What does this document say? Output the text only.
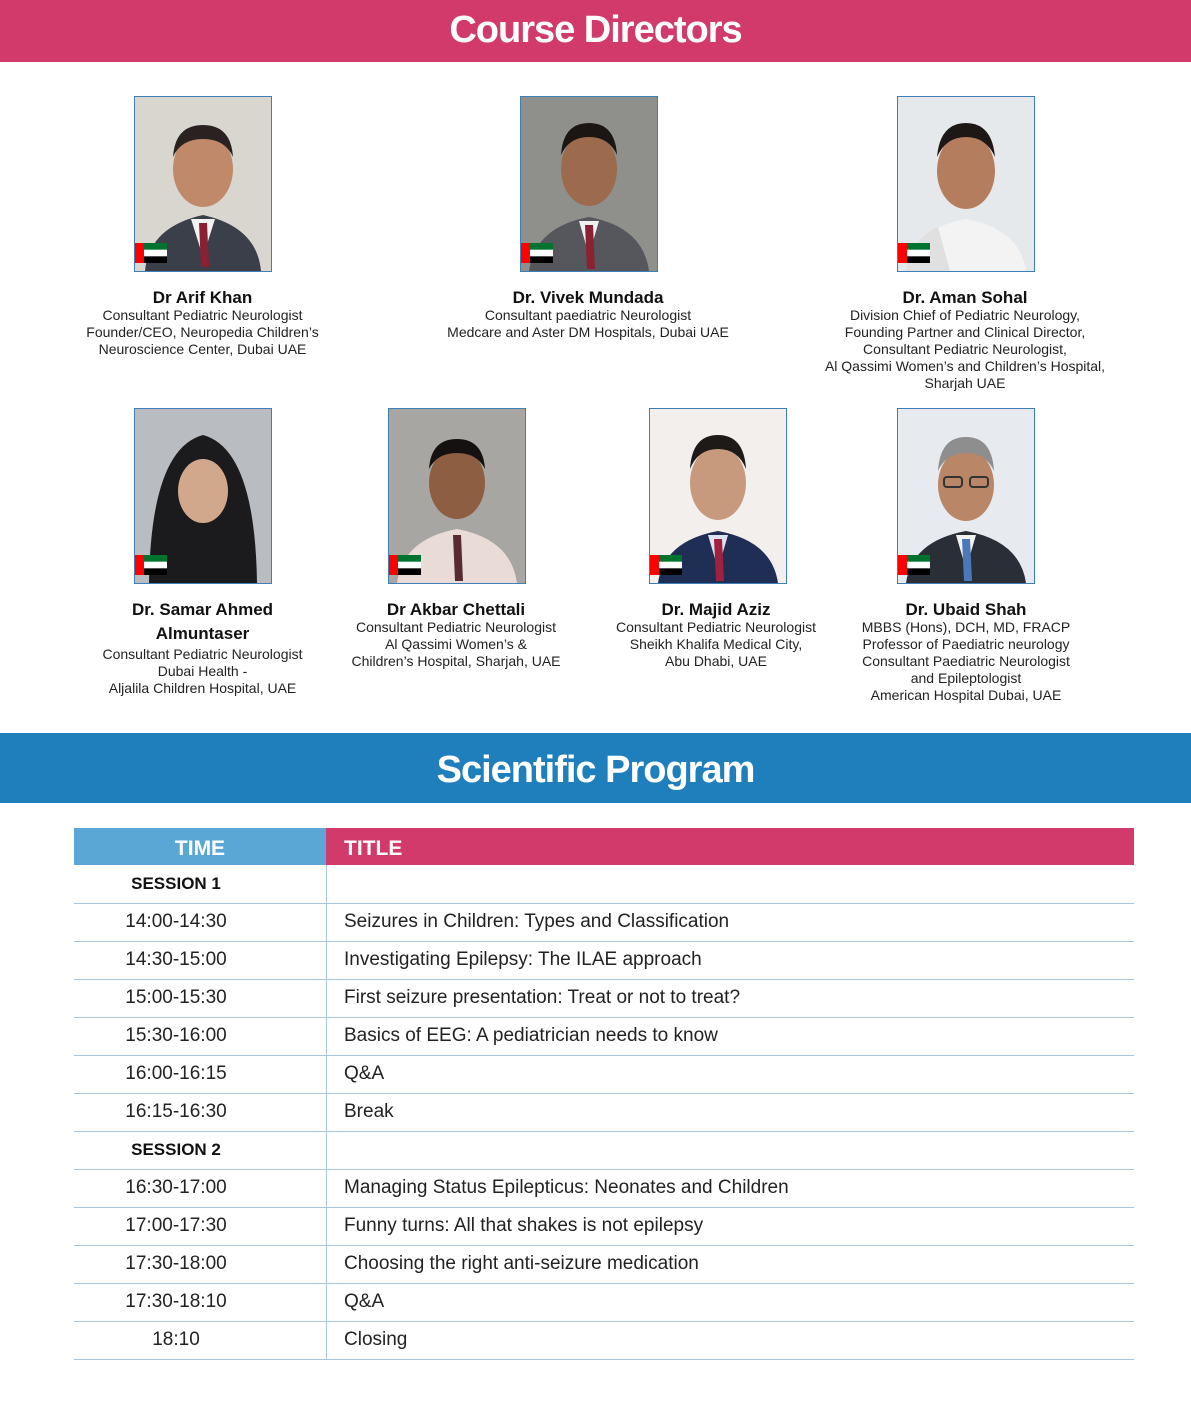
Course Directors
Dr Arif Khan
Consultant Pediatric Neurologist
Founder/CEO, Neuropedia Children’s
Neuroscience Center, Dubai UAE
Dr. Vivek Mundada
Consultant paediatric Neurologist
Medcare and Aster DM Hospitals, Dubai UAE
Dr. Aman Sohal
Division Chief of Pediatric Neurology,
Founding Partner and Clinical Director,
Consultant Pediatric Neurologist,
Al Qassimi Women’s and Children’s Hospital,
Sharjah UAE
Dr. Samar Ahmed
Almuntaser
Consultant Pediatric Neurologist
Dubai Health -
Aljalila Children Hospital, UAE
Dr Akbar Chettali
Consultant Pediatric Neurologist
Al Qassimi Women’s &
Children’s Hospital, Sharjah, UAE
Dr. Majid Aziz
Consultant Pediatric Neurologist
Sheikh Khalifa Medical City,
Abu Dhabi, UAE
Dr. Ubaid Shah
MBBS (Hons), DCH, MD, FRACP
Professor of Paediatric neurology
Consultant Paediatric Neurologist
and Epileptologist
American Hospital Dubai, UAE
Scientific Program
TIME	TITLE
SESSION 1
14:00-14:30	Seizures in Children: Types and Classification
14:30-15:00	Investigating Epilepsy: The ILAE approach
15:00-15:30	First seizure presentation: Treat or not to treat?
15:30-16:00	Basics of EEG: A pediatrician needs to know
16:00-16:15	Q&A
16:15-16:30	Break
SESSION 2
16:30-17:00	Managing Status Epilepticus: Neonates and Children
17:00-17:30	Funny turns: All that shakes is not epilepsy
17:30-18:00	Choosing the right anti-seizure medication
17:30-18:10	Q&A
18:10	Closing
